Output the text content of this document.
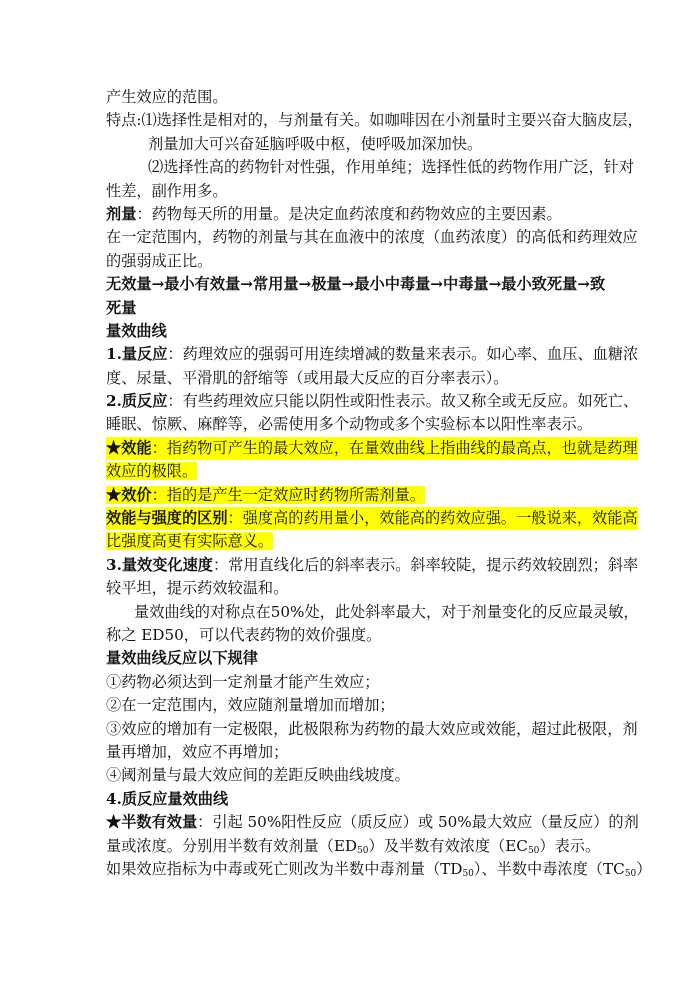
产生效应的范围。
特点:⑴选择性是相对的，与剂量有关。如咖啡因在小剂量时主要兴奋大脑皮层，
剂量加大可兴奋延脑呼吸中枢，使呼吸加深加快。
⑵选择性高的药物针对性强，作用单纯；选择性低的药物作用广泛，针对
性差，副作用多。
剂量：药物每天所的用量。是决定血药浓度和药物效应的主要因素。
在一定范围内，药物的剂量与其在血液中的浓度（血药浓度）的高低和药理效应
的强弱成正比。
无效量→最小有效量→常用量→极量→最小中毒量→中毒量→最小致死量→致
死量
量效曲线
1.量反应：药理效应的强弱可用连续增减的数量来表示。如心率、血压、血糖浓
度、尿量、平滑肌的舒缩等（或用最大反应的百分率表示）。
2.质反应：有些药理效应只能以阴性或阳性表示。故又称全或无反应。如死亡、
睡眠、惊厥、麻醉等，必需使用多个动物或多个实验标本以阳性率表示。
★效能：指药物可产生的最大效应，在量效曲线上指曲线的最高点，也就是药理
效应的极限。
★效价：指的是产生一定效应时药物所需剂量。
效能与强度的区别：强度高的药用量小，效能高的药效应强。一般说来，效能高
比强度高更有实际意义。
3.量效变化速度：常用直线化后的斜率表示。斜率较陡，提示药效较剧烈；斜率
较平坦，提示药效较温和。
量效曲线的对称点在50%处，此处斜率最大，对于剂量变化的反应最灵敏，
称之 ED50，可以代表药物的效价强度。
量效曲线反应以下规律
①药物必须达到一定剂量才能产生效应；
②在一定范围内，效应随剂量增加而增加；
③效应的增加有一定极限，此极限称为药物的最大效应或效能，超过此极限，剂
量再增加，效应不再增加；
④阈剂量与最大效应间的差距反映曲线坡度。
4.质反应量效曲线
★半数有效量：引起 50%阳性反应（质反应）或 50%最大效应（量反应）的剂
量或浓度。分别用半数有效剂量$(ED_{50})$及半数有效浓度$(EC_{50})$表示。
如果效应指标为中毒或死亡则改为半数中毒剂量$(TD_{50})$、半数中毒浓度$(TC_{50})$
